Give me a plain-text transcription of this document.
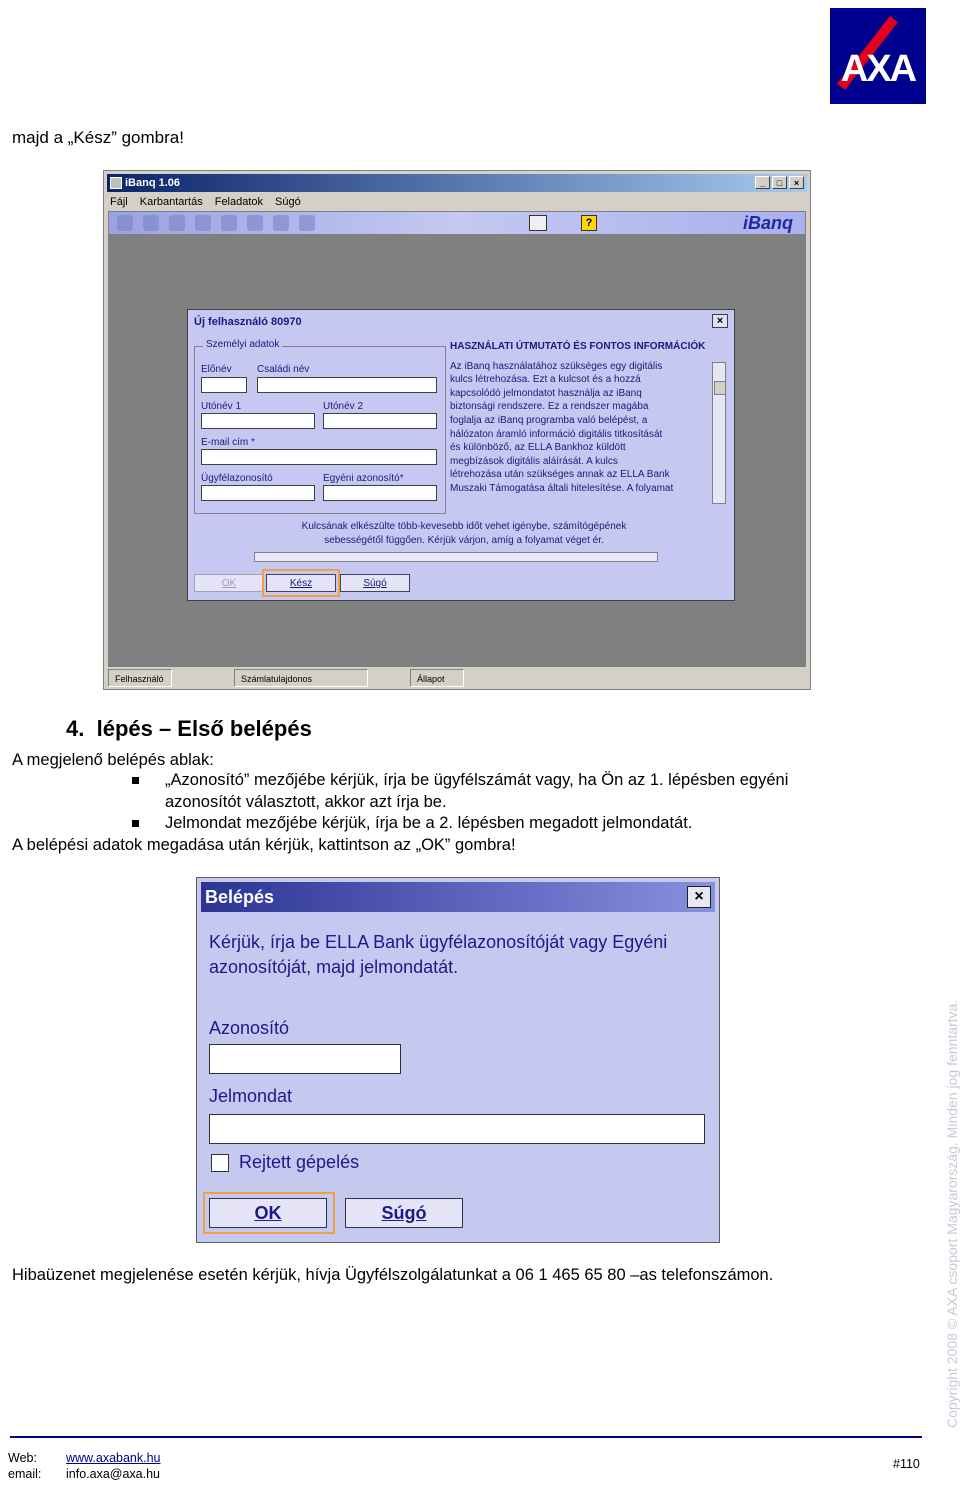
AXA
majd a „Kész” gombra!
iBanq 1.06	_	□	×
Fájl Karbantartás Feladatok Súgó
?	iBanq
Új felhasználó 80970	×
Személyi adatok
Előnév	Családi név
Utónév 1	Utónév 2
E-mail cím *
Ügyfélazonosító	Egyéni azonosító*
HASZNÁLATI ÚTMUTATÓ ÉS FONTOS INFORMÁCIÓK
Az iBanq használatához szükséges egy digitális
kulcs létrehozása. Ezt a kulcsot és a hozzá
kapcsolódó jelmondatot használja az iBanq
biztonsági rendszere. Ez a rendszer magába
foglalja az iBanq programba való belépést, a
hálózaton áramló információ digitális titkosítását
és különböző, az ELLA Bankhoz küldött
megbízások digitális aláírását. A kulcs
létrehozása után szükséges annak az ELLA Bank
Muszaki Támogatása általi hitelesítése. A folyamat
Kulcsának elkészülte több-kevesebb időt vehet igénybe, számítógépének
sebességétől függően. Kérjük várjon, amíg a folyamat véget ér.
OK	Kész	Súgó
Felhasználó	Számlatulajdonos	Állapot
4. lépés – Első belépés
A megjelenő belépés ablak:
„Azonosító” mezőjébe kérjük, írja be ügyfélszámát vagy, ha Ön az 1. lépésben egyéni
azonosítót választott, akkor azt írja be.
Jelmondat mezőjébe kérjük, írja be a 2. lépésben megadott jelmondatát.
A belépési adatok megadása után kérjük, kattintson az „OK” gombra!
Belépés	×
Kérjük, írja be ELLA Bank ügyfélazonosítóját vagy Egyéni
azonosítóját, majd jelmondatát.
Azonosító
Jelmondat
Rejtett gépelés
OK	Súgó
Hibaüzenet megjelenése esetén kérjük, hívja Ügyfélszolgálatunkat a 06 1 465 65 80 –as telefonszámon.	Copyright 2008 © AXA csoport Magyarország. Minden jog fenntartva.
Web: www.axabank.hu
email: info.axa@axa.hu
#110
